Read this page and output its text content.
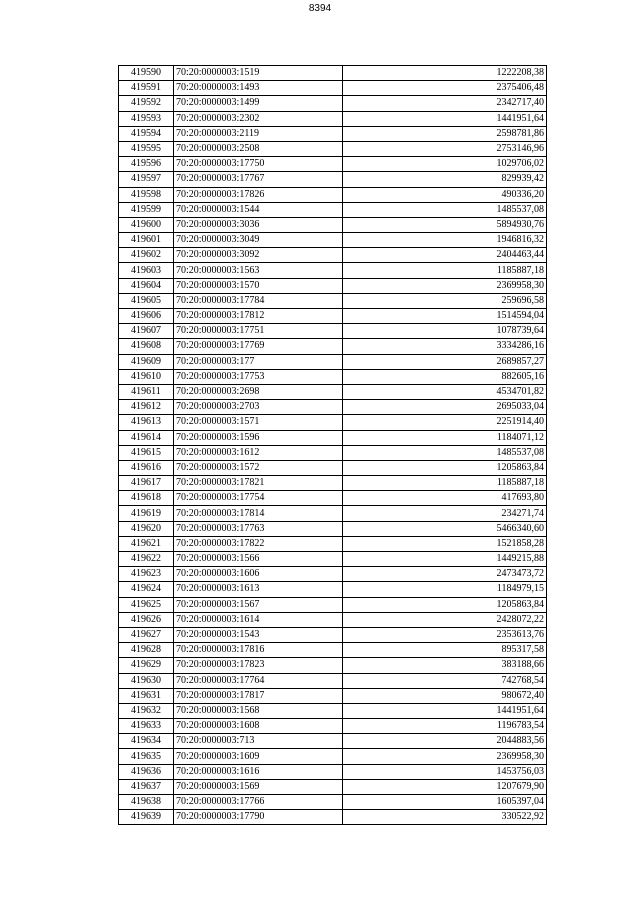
8394
419590	70:20:0000003:1519	1222208,38
419591	70:20:0000003:1493	2375406,48
419592	70:20:0000003:1499	2342717,40
419593	70:20:0000003:2302	1441951,64
419594	70:20:0000003:2119	2598781,86
419595	70:20:0000003:2508	2753146,96
419596	70:20:0000003:17750	1029706,02
419597	70:20:0000003:17767	829939,42
419598	70:20:0000003:17826	490336,20
419599	70:20:0000003:1544	1485537,08
419600	70:20:0000003:3036	5894930,76
419601	70:20:0000003:3049	1946816,32
419602	70:20:0000003:3092	2404463,44
419603	70:20:0000003:1563	1185887,18
419604	70:20:0000003:1570	2369958,30
419605	70:20:0000003:17784	259696,58
419606	70:20:0000003:17812	1514594,04
419607	70:20:0000003:17751	1078739,64
419608	70:20:0000003:17769	3334286,16
419609	70:20:0000003:177	2689857,27
419610	70:20:0000003:17753	882605,16
419611	70:20:0000003:2698	4534701,82
419612	70:20:0000003:2703	2695033,04
419613	70:20:0000003:1571	2251914,40
419614	70:20:0000003:1596	1184071,12
419615	70:20:0000003:1612	1485537,08
419616	70:20:0000003:1572	1205863,84
419617	70:20:0000003:17821	1185887,18
419618	70:20:0000003:17754	417693,80
419619	70:20:0000003:17814	234271,74
419620	70:20:0000003:17763	5466340,60
419621	70:20:0000003:17822	1521858,28
419622	70:20:0000003:1566	1449215,88
419623	70:20:0000003:1606	2473473,72
419624	70:20:0000003:1613	1184979,15
419625	70:20:0000003:1567	1205863,84
419626	70:20:0000003:1614	2428072,22
419627	70:20:0000003:1543	2353613,76
419628	70:20:0000003:17816	895317,58
419629	70:20:0000003:17823	383188,66
419630	70:20:0000003:17764	742768,54
419631	70:20:0000003:17817	980672,40
419632	70:20:0000003:1568	1441951,64
419633	70:20:0000003:1608	1196783,54
419634	70:20:0000003:713	2044883,56
419635	70:20:0000003:1609	2369958,30
419636	70:20:0000003:1616	1453756,03
419637	70:20:0000003:1569	1207679,90
419638	70:20:0000003:17766	1605397,04
419639	70:20:0000003:17790	330522,92
